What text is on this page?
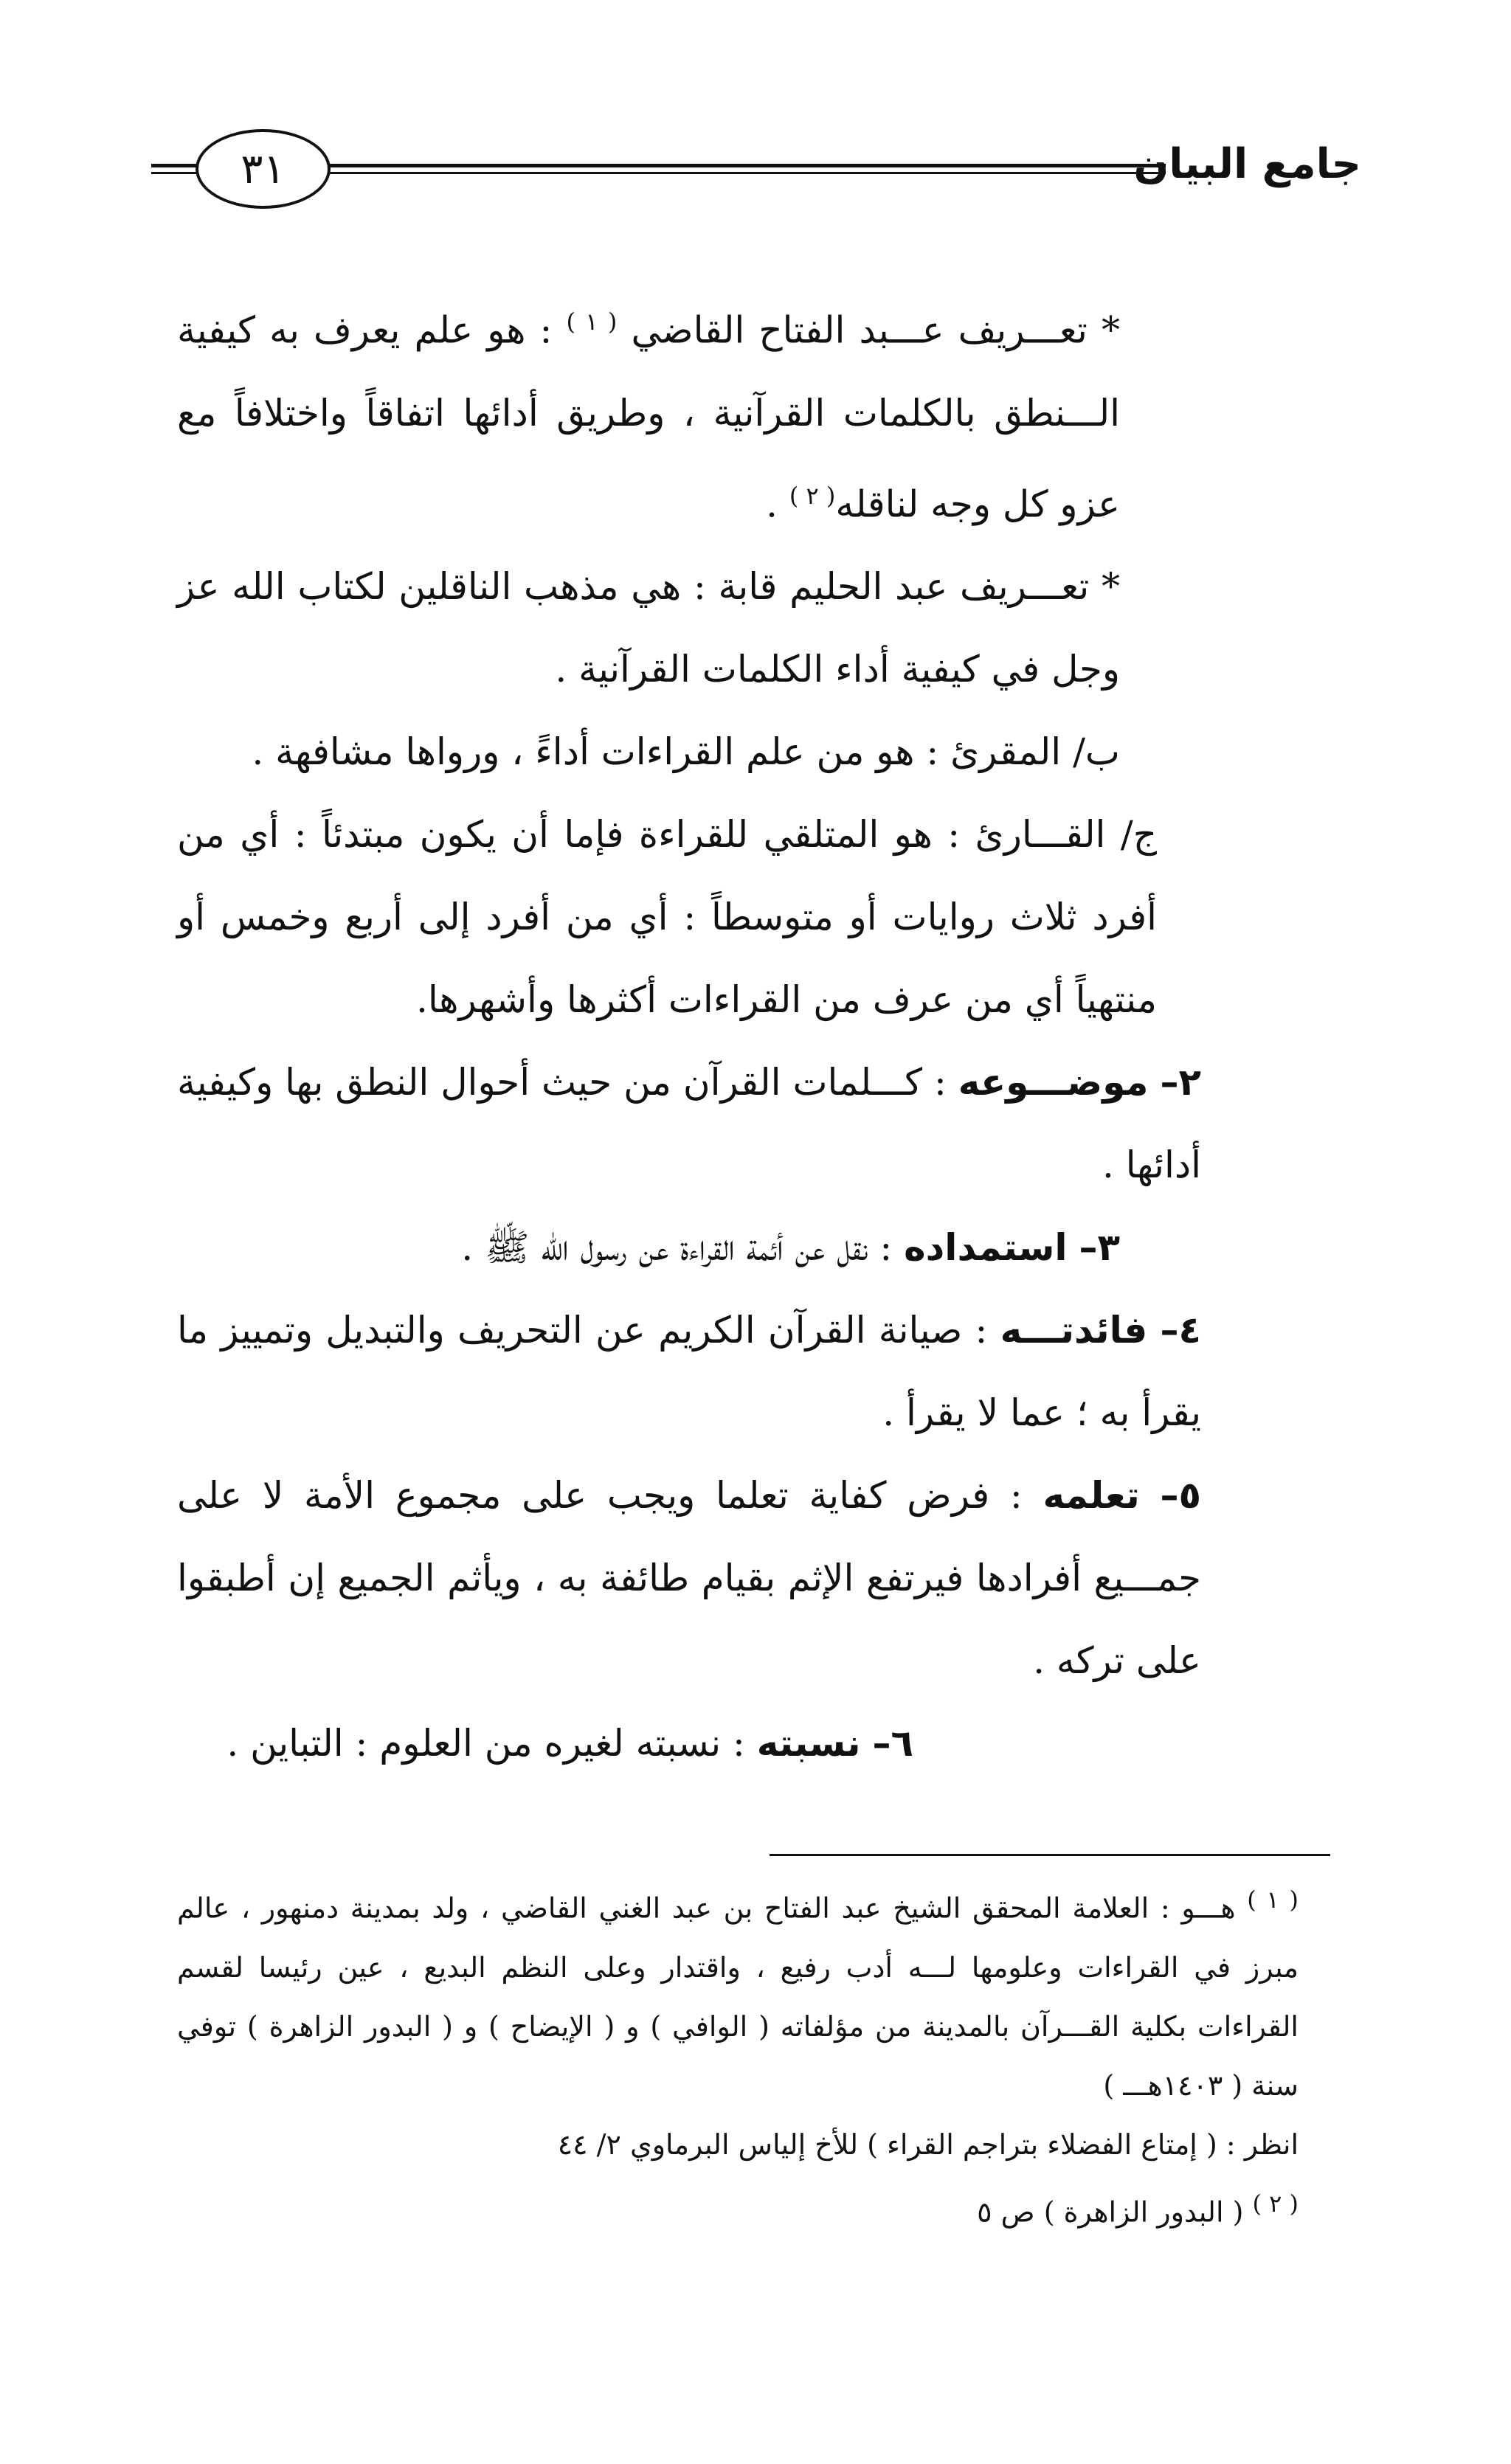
٣١	جامع البيان

* تعـــريف عـــبد الفتاح القاضي $^{( ١ )}$ : هو علم يعرف به كيفية الـــنطق بالكلمات القرآنية ، وطريق أدائها اتفاقاً واختلافاً مع عزو كل وجه لناقله$^{( ٢ )}$ .

* تعـــريف عبد الحليم قابة : هي مذهب الناقلين لكتاب الله عز وجل في كيفية أداء الكلمات القرآنية .

ب/ المقرئ : هو من علم القراءات أداءً ، ورواها مشافهة .

ج/ القـــارئ : هو المتلقي للقراءة فإما أن يكون مبتدئاً : أي من أفرد ثلاث روايات أو متوسطاً : أي من أفرد إلى أربع وخمس أو منتهياً أي من عرف من القراءات أكثرها وأشهرها.

٢– موضـــوعه : كـــلمات القرآن من حيث أحوال النطق بها وكيفية أدائها .

٣– استمداده : نقل عن أئمة القراءة عن رسول الله ﷺ .

٤– فائدتـــه : صيانة القرآن الكريم عن التحريف والتبديل وتمييز ما يقرأ به ؛ عما لا يقرأ .

٥– تعلمه : فرض كفاية تعلما ويجب على مجموع الأمة لا على جمـــيع أفرادها فيرتفع الإثم بقيام طائفة به ، ويأثم الجميع إن أطبقوا على تركه .

٦– نسبته : نسبته لغيره من العلوم : التباين .

$^{( ١ )}$ هـــو : العلامة المحقق الشيخ عبد الفتاح بن عبد الغني القاضي ، ولد بمدينة دمنهور ، عالم مبرز في القراءات وعلومها لـــه أدب رفيع ، واقتدار وعلى النظم البديع ، عين رئيسا لقسم القراءات بكلية القـــرآن بالمدينة من مؤلفاته ( الوافي ) و ( الإيضاح ) و ( البدور الزاهرة ) توفي سنة ( ١٤٠٣هـــ )

انظر : ( إمتاع الفضلاء بتراجم القراء ) للأخ إلياس البرماوي ٢/ ٤٤

$^{( ٢ )}$ ( البدور الزاهرة ) ص ٥
